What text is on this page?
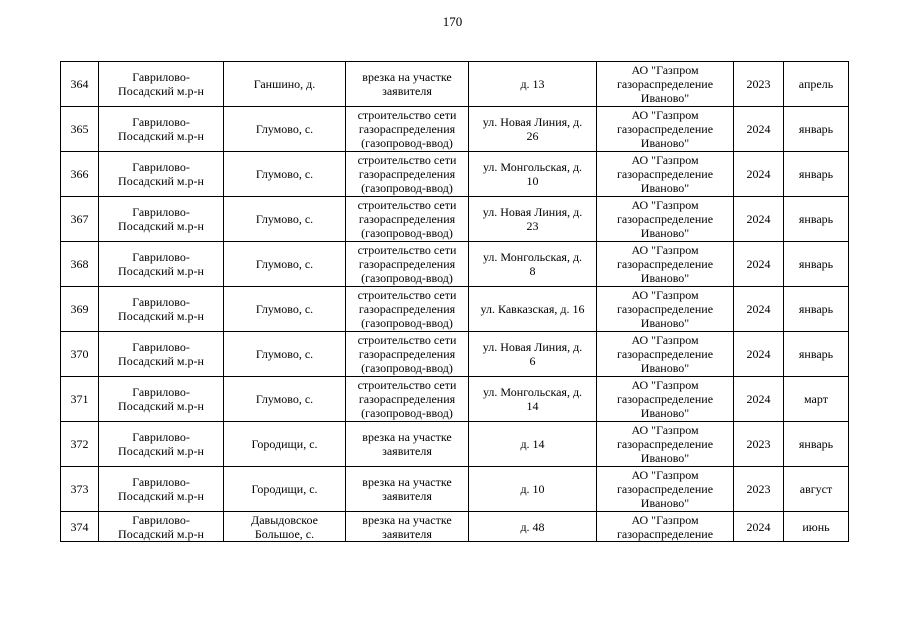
170
364	Гаврилово-
Посадский м.р-н	Ганшино, д.	врезка на участке
заявителя	д. 13	АО "Газпром
газораспределение
Иваново"	2023	апрель
365	Гаврилово-
Посадский м.р-н	Глумово, с.	строительство сети
газораспределения
(газопровод-ввод)	ул. Новая Линия, д.
26	АО "Газпром
газораспределение
Иваново"	2024	январь
366	Гаврилово-
Посадский м.р-н	Глумово, с.	строительство сети
газораспределения
(газопровод-ввод)	ул. Монгольская, д.
10	АО "Газпром
газораспределение
Иваново"	2024	январь
367	Гаврилово-
Посадский м.р-н	Глумово, с.	строительство сети
газораспределения
(газопровод-ввод)	ул. Новая Линия, д.
23	АО "Газпром
газораспределение
Иваново"	2024	январь
368	Гаврилово-
Посадский м.р-н	Глумово, с.	строительство сети
газораспределения
(газопровод-ввод)	ул. Монгольская, д.
8	АО "Газпром
газораспределение
Иваново"	2024	январь
369	Гаврилово-
Посадский м.р-н	Глумово, с.	строительство сети
газораспределения
(газопровод-ввод)	ул. Кавказская, д. 16	АО "Газпром
газораспределение
Иваново"	2024	январь
370	Гаврилово-
Посадский м.р-н	Глумово, с.	строительство сети
газораспределения
(газопровод-ввод)	ул. Новая Линия, д.
6	АО "Газпром
газораспределение
Иваново"	2024	январь
371	Гаврилово-
Посадский м.р-н	Глумово, с.	строительство сети
газораспределения
(газопровод-ввод)	ул. Монгольская, д.
14	АО "Газпром
газораспределение
Иваново"	2024	март
372	Гаврилово-
Посадский м.р-н	Городищи, с.	врезка на участке
заявителя	д. 14	АО "Газпром
газораспределение
Иваново"	2023	январь
373	Гаврилово-
Посадский м.р-н	Городищи, с.	врезка на участке
заявителя	д. 10	АО "Газпром
газораспределение
Иваново"	2023	август
374	Гаврилово-
Посадский м.р-н	Давыдовское
Большое, с.	врезка на участке
заявителя	д. 48	АО "Газпром
газораспределение	2024	июнь
